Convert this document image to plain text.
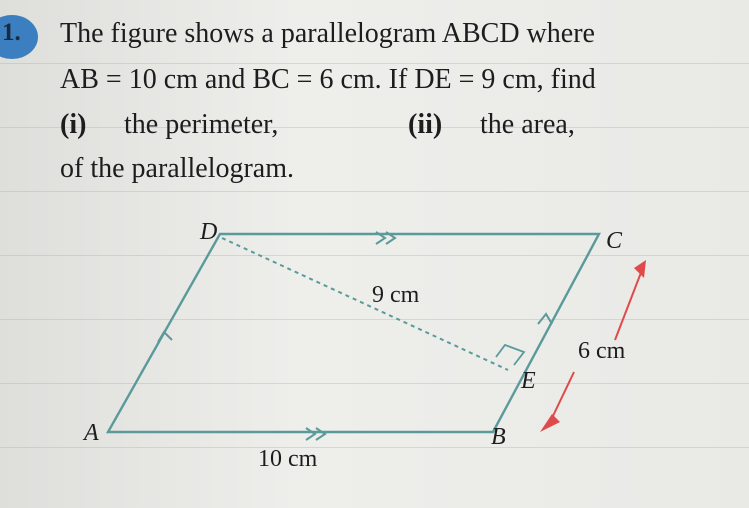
1. The figure shows a parallelogram ABCD where
AB = 10 cm and BC = 6 cm. If DE = 9 cm, find
(i) the perimeter,	(ii) the area,
of the parallelogram.
D	C
A	B
E
9 cm
6 cm
10 cm
